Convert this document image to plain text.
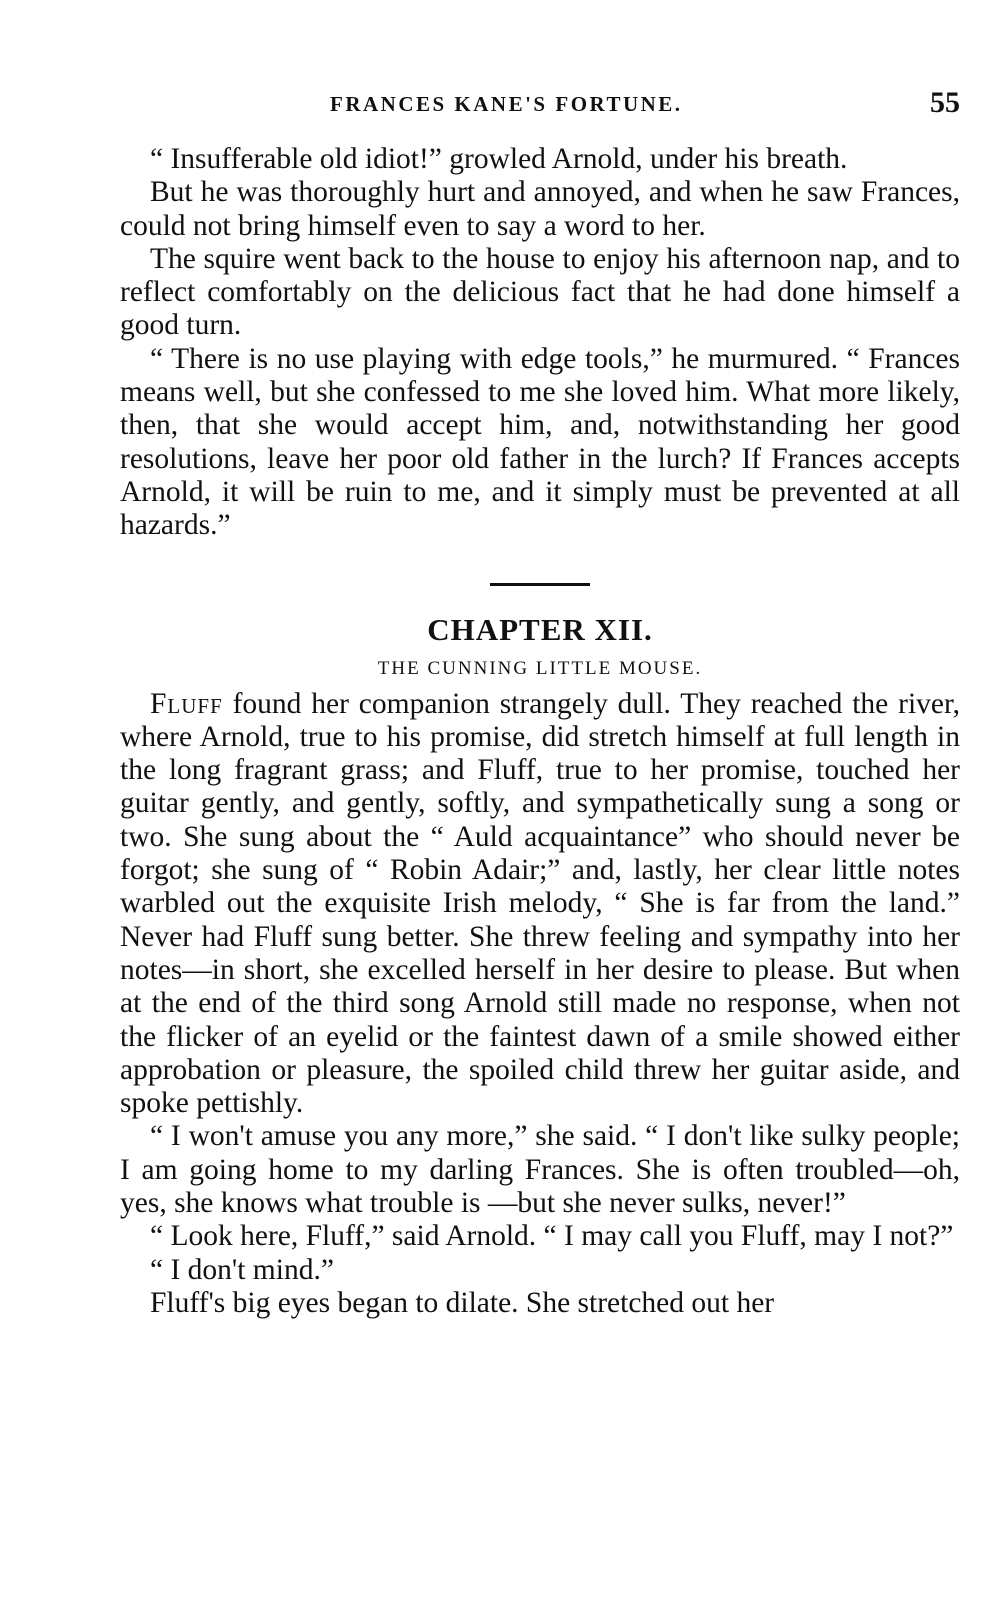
FRANCES KANE'S FORTUNE.	55

“ Insufferable old idiot!” growled Arnold, under his breath.

But he was thoroughly hurt and annoyed, and when he saw Frances, could not bring himself even to say a word to her.

The squire went back to the house to enjoy his afternoon nap, and to reflect comfortably on the delicious fact that he had done himself a good turn.

“ There is no use playing with edge tools,” he murmured. “ Frances means well, but she confessed to me she loved him. What more likely, then, that she would accept him, and, notwithstanding her good resolutions, leave her poor old father in the lurch? If Frances accepts Arnold, it will be ruin to me, and it simply must be prevented at all hazards.”

CHAPTER XII.
THE CUNNING LITTLE MOUSE.

Fluff found her companion strangely dull. They reached the river, where Arnold, true to his promise, did stretch himself at full length in the long fragrant grass; and Fluff, true to her promise, touched her guitar gently, and gently, softly, and sympathetically sung a song or two. She sung about the “ Auld acquaintance” who should never be forgot; she sung of “ Robin Adair;” and, lastly, her clear little notes warbled out the exquisite Irish melody, “ She is far from the land.” Never had Fluff sung better. She threw feeling and sympathy into her notes—in short, she excelled herself in her desire to please. But when at the end of the third song Arnold still made no response, when not the flicker of an eyelid or the faintest dawn of a smile showed either approbation or pleasure, the spoiled child threw her guitar aside, and spoke pettishly.

“ I won't amuse you any more,” she said. “ I don't like sulky people; I am going home to my darling Frances. She is often troubled—oh, yes, she knows what trouble is —but she never sulks, never!”

“ Look here, Fluff,” said Arnold. “ I may call you Fluff, may I not?”

“ I don't mind.”

Fluff's big eyes began to dilate. She stretched out her
